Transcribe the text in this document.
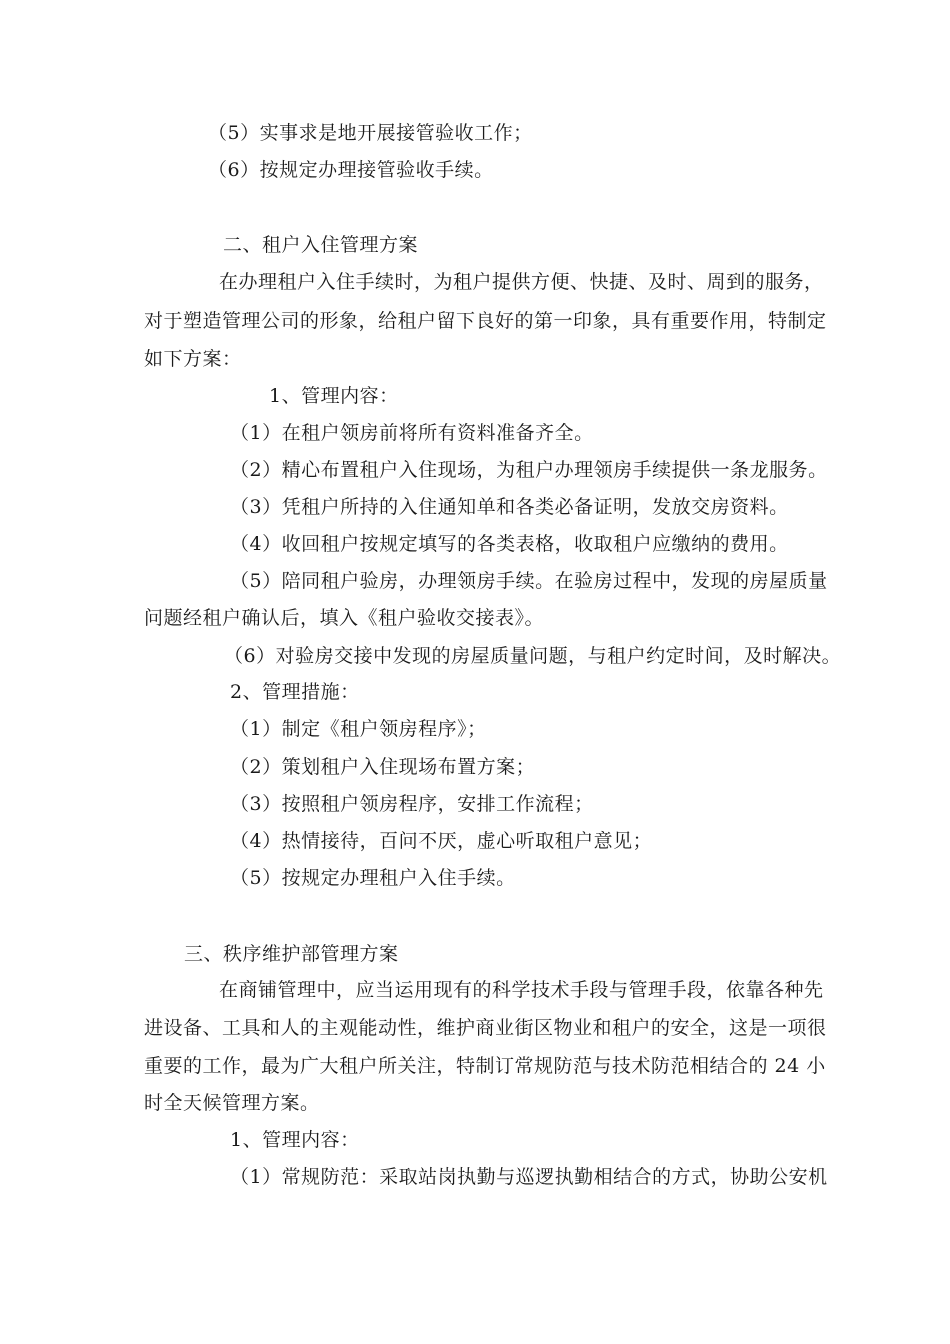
（5）实事求是地开展接管验收工作；
（6）按规定办理接管验收手续。
二、租户入住管理方案
在办理租户入住手续时，为租户提供方便、快捷、及时、周到的服务，
对于塑造管理公司的形象，给租户留下良好的第一印象，具有重要作用，特制定
如下方案：
1、管理内容：
（1）在租户领房前将所有资料准备齐全。
（2）精心布置租户入住现场，为租户办理领房手续提供一条龙服务。
（3）凭租户所持的入住通知单和各类必备证明，发放交房资料。
（4）收回租户按规定填写的各类表格，收取租户应缴纳的费用。
（5）陪同租户验房，办理领房手续。在验房过程中，发现的房屋质量
问题经租户确认后，填入《租户验收交接表》。
（6）对验房交接中发现的房屋质量问题，与租户约定时间，及时解决。
2、管理措施：
（1）制定《租户领房程序》；
（2）策划租户入住现场布置方案；
（3）按照租户领房程序，安排工作流程；
（4）热情接待，百问不厌，虚心听取租户意见；
（5）按规定办理租户入住手续。
三、秩序维护部管理方案
在商铺管理中，应当运用现有的科学技术手段与管理手段，依靠各种先
进设备、工具和人的主观能动性，维护商业街区物业和租户的安全，这是一项很
重要的工作，最为广大租户所关注，特制订常规防范与技术防范相结合的 24 小
时全天候管理方案。
1、管理内容：
（1）常规防范：采取站岗执勤与巡逻执勤相结合的方式，协助公安机
